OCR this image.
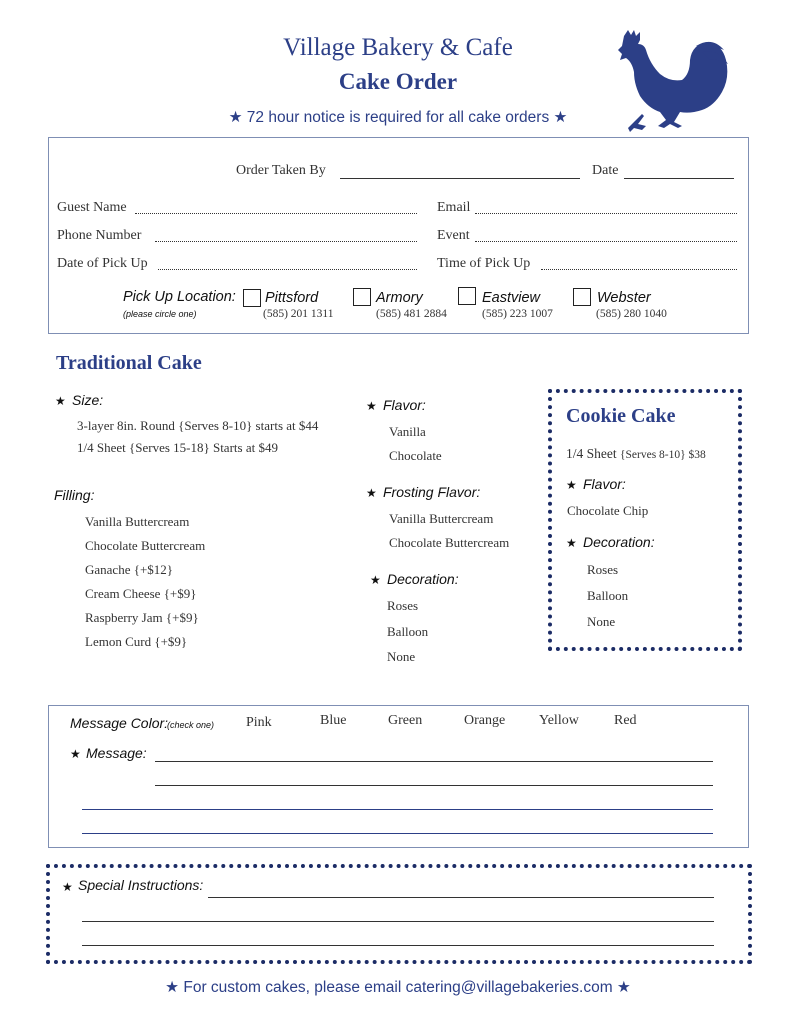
Village Bakery & Cafe
Cake Order
★ 72 hour notice is required for all cake orders ★
Order Taken By	Date
Guest Name	Email
Phone Number	Event
Date of Pick Up	Time of Pick Up
Pick Up Location:
(please circle one)
Pittsford
(585) 201 1311
Armory
(585) 481 2884
Eastview
(585) 223 1007
Webster
(585) 280 1040
Traditional Cake
★ Size:
3-layer 8in. Round {Serves 8-10} starts at $44
1/4 Sheet {Serves 15-18} Starts at $49
Filling:
Vanilla Buttercream
Chocolate Buttercream
Ganache {+$12}
Cream Cheese {+$9}
Raspberry Jam {+$9}
Lemon Curd {+$9}
★ Flavor:
Vanilla
Chocolate
★ Frosting Flavor:
Vanilla Buttercream
Chocolate Buttercream
★ Decoration:
Roses
Balloon
None
Cookie Cake
1/4 Sheet {Serves 8-10} $38
★ Flavor:
Chocolate Chip
★ Decoration:
Roses
Balloon
None
Message Color:
(check one) Pink	Blue	Green	Orange Yellow	Red
★ Message:
★ Special Instructions:
★ For custom cakes, please email catering@villagebakeries.com ★
